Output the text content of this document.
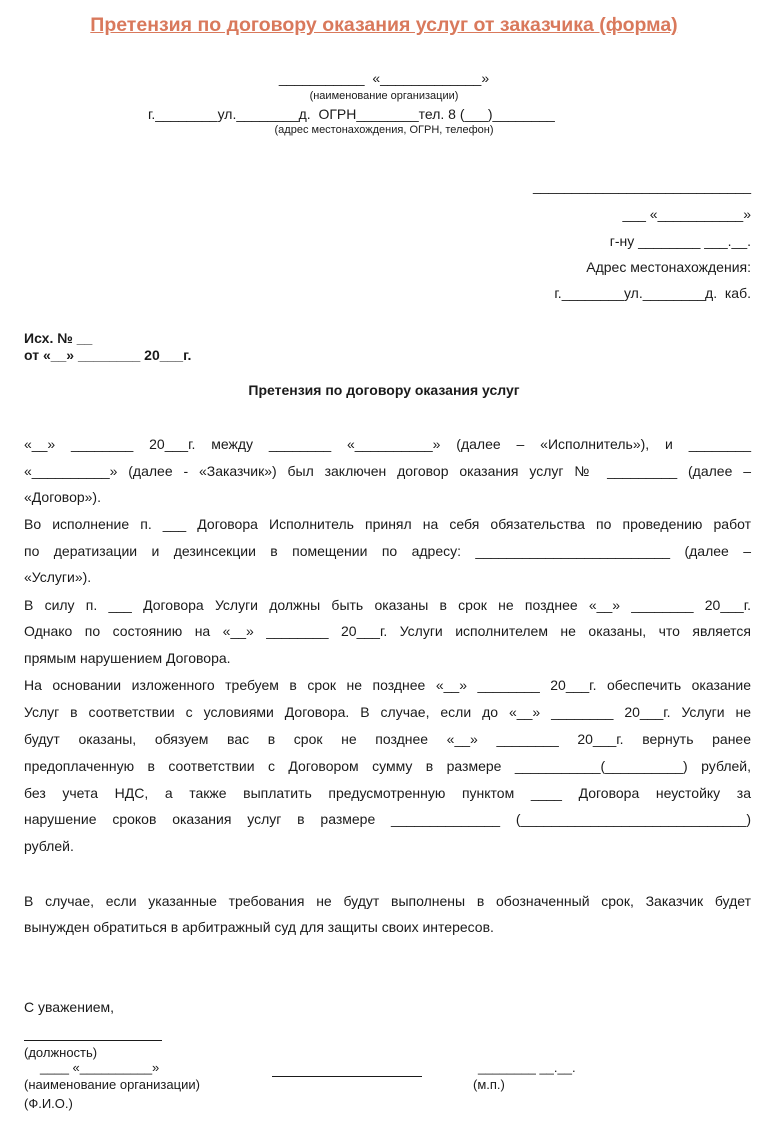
Претензия по договору оказания услуг от заказчика (форма)
___________  «_____________»
(наименование организации)
г.________ул.________д.  ОГРН________тел. 8 (___)________
(адрес местонахождения, ОГРН, телефон)
____________________________
___ «___________»
г-ну ________ ___.__.
Адрес местонахождения:
г.________ул.________д.  каб.
Исх. № __
от «__» ________ 20___г.
Претензия по договору оказания услуг
«__» ________ 20___г. между ________ «__________» (далее – «Исполнитель»), и ________
«__________» (далее - «Заказчик») был заключен договор оказания услуг № _________ (далее –
«Договор»).
Во исполнение п. ___ Договора Исполнитель принял на себя обязательства по проведению работ
по дератизации и дезинсекции в помещении по адресу: _________________________ (далее –
«Услуги»).
В силу п. ___ Договора Услуги должны быть оказаны в срок не позднее «__» ________ 20___г.
Однако по состоянию на «__» ________ 20___г. Услуги исполнителем не оказаны, что является
прямым нарушением Договора.
На основании изложенного требуем в срок не позднее «__» ________ 20___г. обеспечить оказание
Услуг в соответствии с условиями Договора. В случае, если до «__» ________ 20___г. Услуги не
будут оказаны, обязуем вас в срок не позднее «__» ________ 20___г. вернуть ранее
предоплаченную в соответствии с Договором сумму в размере ___________(__________) рублей,
без учета НДС, а также выплатить предусмотренную пунктом ____ Договора неустойку за
нарушение сроков оказания услуг в размере ______________ (_____________________________)
рублей.
В случае, если указанные требования не будут выполнены в обозначенный срок, Заказчик будет
вынужден обратиться в арбитражный суд для защиты своих интересов.
С уважением,
(должность)
____ «__________»
(наименование организации)
(Ф.И.О.)
________ __.__.
(м.п.)
